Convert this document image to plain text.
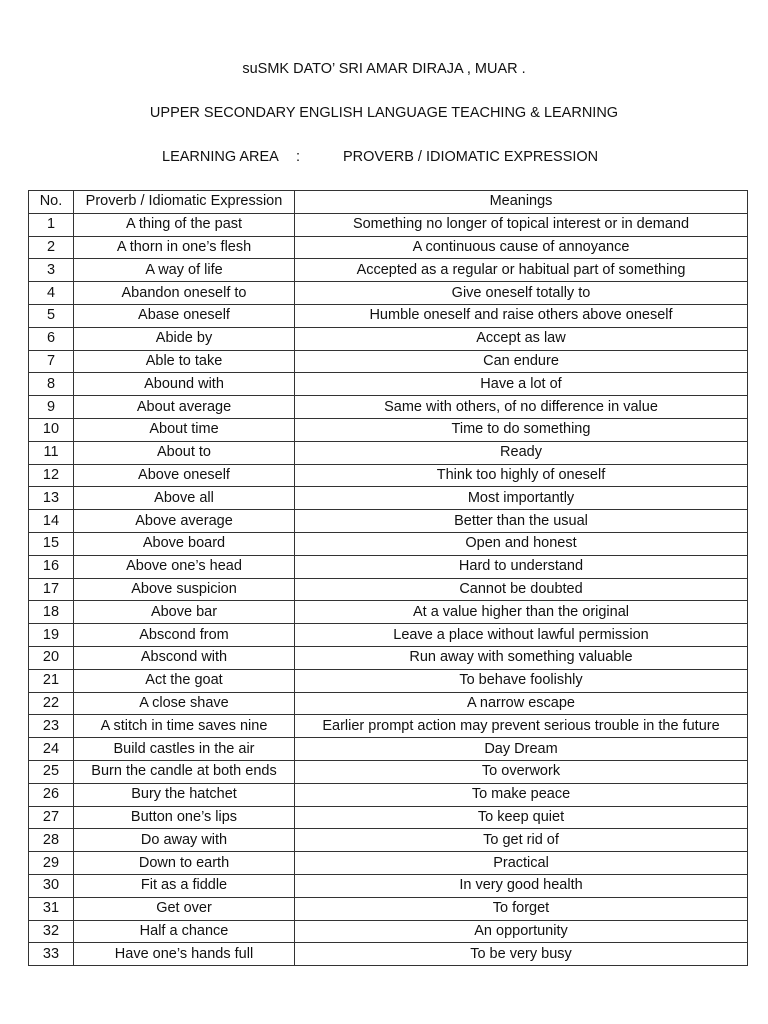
suSMK DATO’ SRI AMAR DIRAJA , MUAR .
UPPER SECONDARY ENGLISH LANGUAGE TEACHING & LEARNING
LEARNING AREA :	PROVERB / IDIOMATIC EXPRESSION
No.	Proverb / Idiomatic Expression	Meanings
1	A thing of the past	Something no longer of topical interest or in demand
2	A thorn in one’s flesh	A continuous cause of annoyance
3	A way of life	Accepted as a regular or habitual part of something
4	Abandon oneself to	Give oneself totally to
5	Abase oneself	Humble oneself and raise others above oneself
6	Abide by	Accept as law
7	Able to take	Can endure
8	Abound with	Have a lot of
9	About average	Same with others, of no difference in value
10	About time	Time to do something
11	About to	Ready
12	Above oneself	Think too highly of oneself
13	Above all	Most importantly
14	Above average	Better than the usual
15	Above board	Open and honest
16	Above one’s head	Hard to understand
17	Above suspicion	Cannot be doubted
18	Above bar	At a value higher than the original
19	Abscond from	Leave a place without lawful permission
20	Abscond with	Run away with something valuable
21	Act the goat	To behave foolishly
22	A close shave	A narrow escape
23	A stitch in time saves nine	Earlier prompt action may prevent serious trouble in the future
24	Build castles in the air	Day Dream
25	Burn the candle at both ends	To overwork
26	Bury the hatchet	To make peace
27	Button one’s lips	To keep quiet
28	Do away with	To get rid of
29	Down to earth	Practical
30	Fit as a fiddle	In very good health
31	Get over	To forget
32	Half a chance	An opportunity
33	Have one’s hands full	To be very busy
